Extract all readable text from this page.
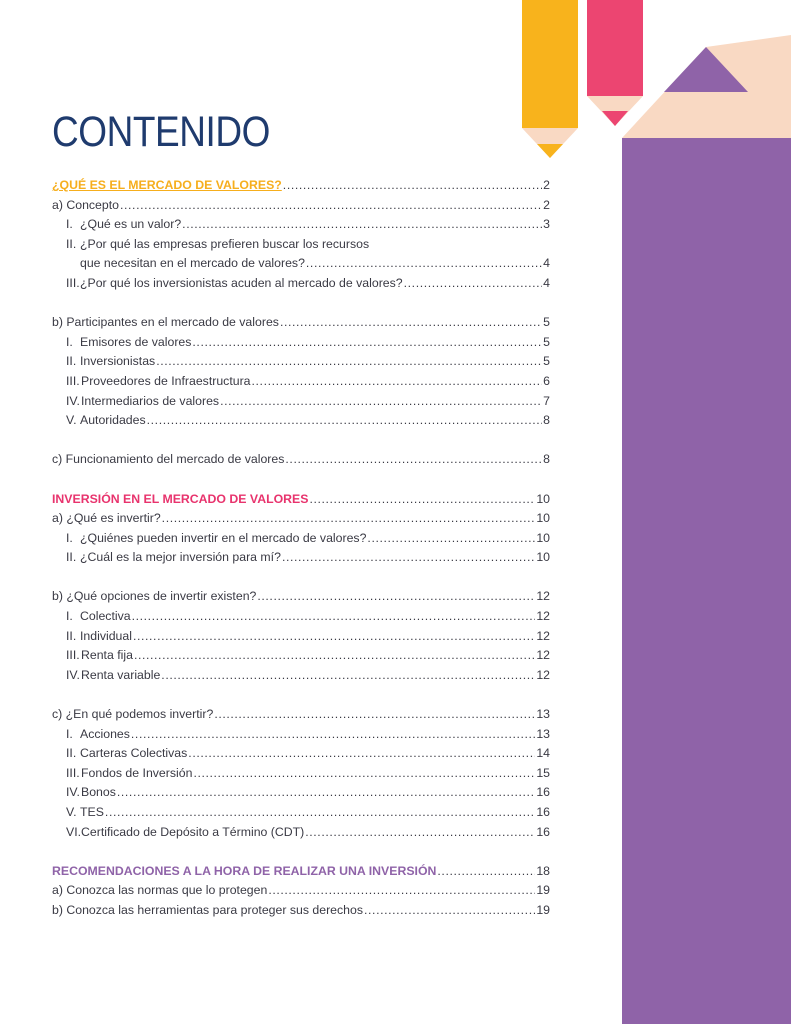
CONTENIDO
¿QUÉ ES EL MERCADO DE VALORES? .....	2
a) Concepto .....	2
I. ¿Qué es un valor? .....	3
II. ¿Por qué las empresas prefieren buscar los recursos
que necesitan en el mercado de valores? .....	4
III. ¿Por qué los inversionistas acuden al mercado de valores? .....	4
b) Participantes en el mercado de valores .....	5
I. Emisores de valores .....	5
II. Inversionistas .....	5
III. Proveedores de Infraestructura .....	6
IV. Intermediarios de valores .....	7
V. Autoridades .....	8
c) Funcionamiento del mercado de valores .....	8
INVERSIÓN EN EL MERCADO DE VALORES .....	10
a) ¿Qué es invertir? .....	10
I. ¿Quiénes pueden invertir en el mercado de valores? .....	10
II. ¿Cuál es la mejor inversión para mí? .....	10
b) ¿Qué opciones de invertir existen? .....	12
I. Colectiva .....	12
II. Individual .....	12
III. Renta fija .....	12
IV. Renta variable .....	12
c) ¿En qué podemos invertir? .....	13
I. Acciones .....	13
II. Carteras Colectivas .....	14
III. Fondos de Inversión .....	15
IV. Bonos .....	16
V. TES .....	16
VI. Certificado de Depósito a Término (CDT) .....	16
RECOMENDACIONES A LA HORA DE REALIZAR UNA INVERSIÓN .....	18
a) Conozca las normas que lo protegen .....	19
b) Conozca las herramientas para proteger sus derechos .....	19
